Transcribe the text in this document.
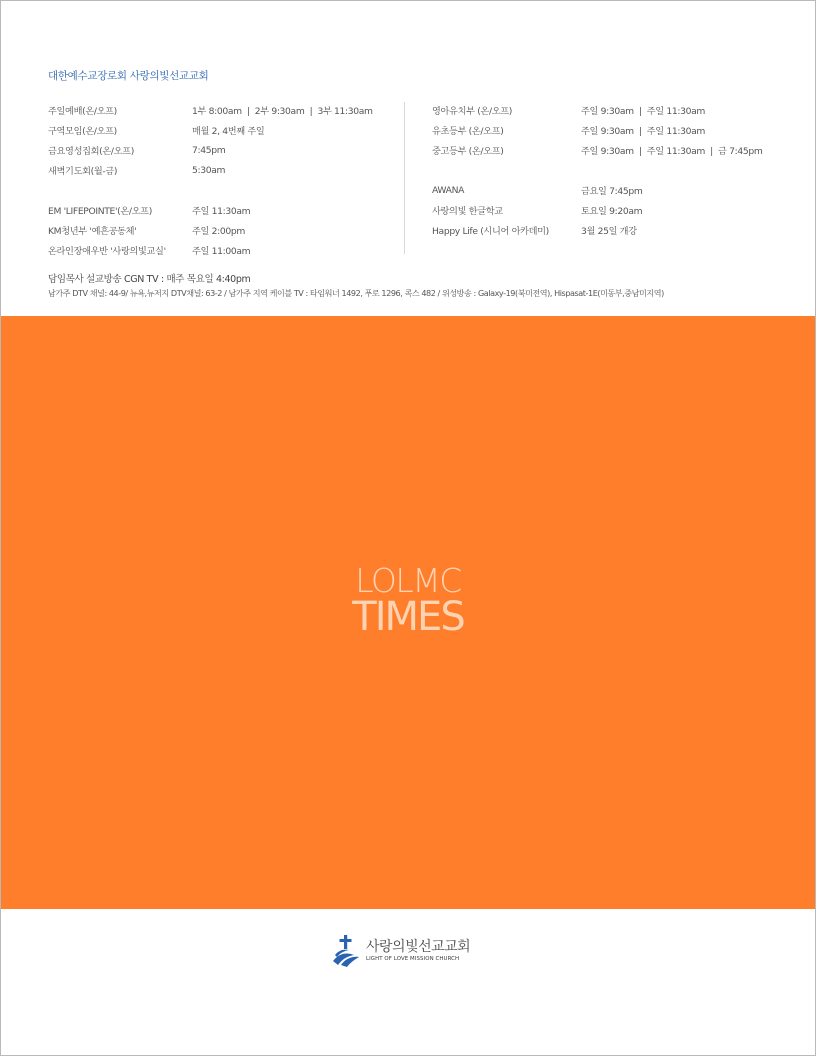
대한예수교장로회 사랑의빛선교교회
주일예배(온/오프)	1부 8:00am  |  2부 9:30am  |  3부 11:30am
구역모임(온/오프)	매월 2, 4번째 주일
금요영성집회(온/오프)	7:45pm
새벽기도회(월-금)	5:30am
EM 'LIFEPOINTE'(온/오프)	주일 11:30am
KM청년부 '예흔공동체'	주일 2:00pm
온라인장애우반 '사랑의빛교실'	주일 11:00am
영아유치부 (온/오프)	주일 9:30am  |  주일 11:30am
유초등부 (온/오프)	주일 9:30am  |  주일 11:30am
중고등부 (온/오프)	주일 9:30am  |  주일 11:30am  |  금 7:45pm
AWANA	금요일 7:45pm
사랑의빛 한글학교	토요일 9:20am
Happy Life (시니어 아카데미)	3월 25일 개강
담임목사 설교방송 CGN TV : 매주 목요일 4:40pm
남가주 DTV 채널: 44-9/ 뉴욕,뉴저지 DTV채널: 63-2 / 남가주 지역 케이블 TV : 타임워너 1492, 푸로 1296, 콕스 482 / 위성방송 : Galaxy-19(북미전역), Hispasat-1E(미동부,중남미지역)
LOLMC
TIMES
사랑의빛선교교회
LIGHT OF LOVE MISSION CHURCH
